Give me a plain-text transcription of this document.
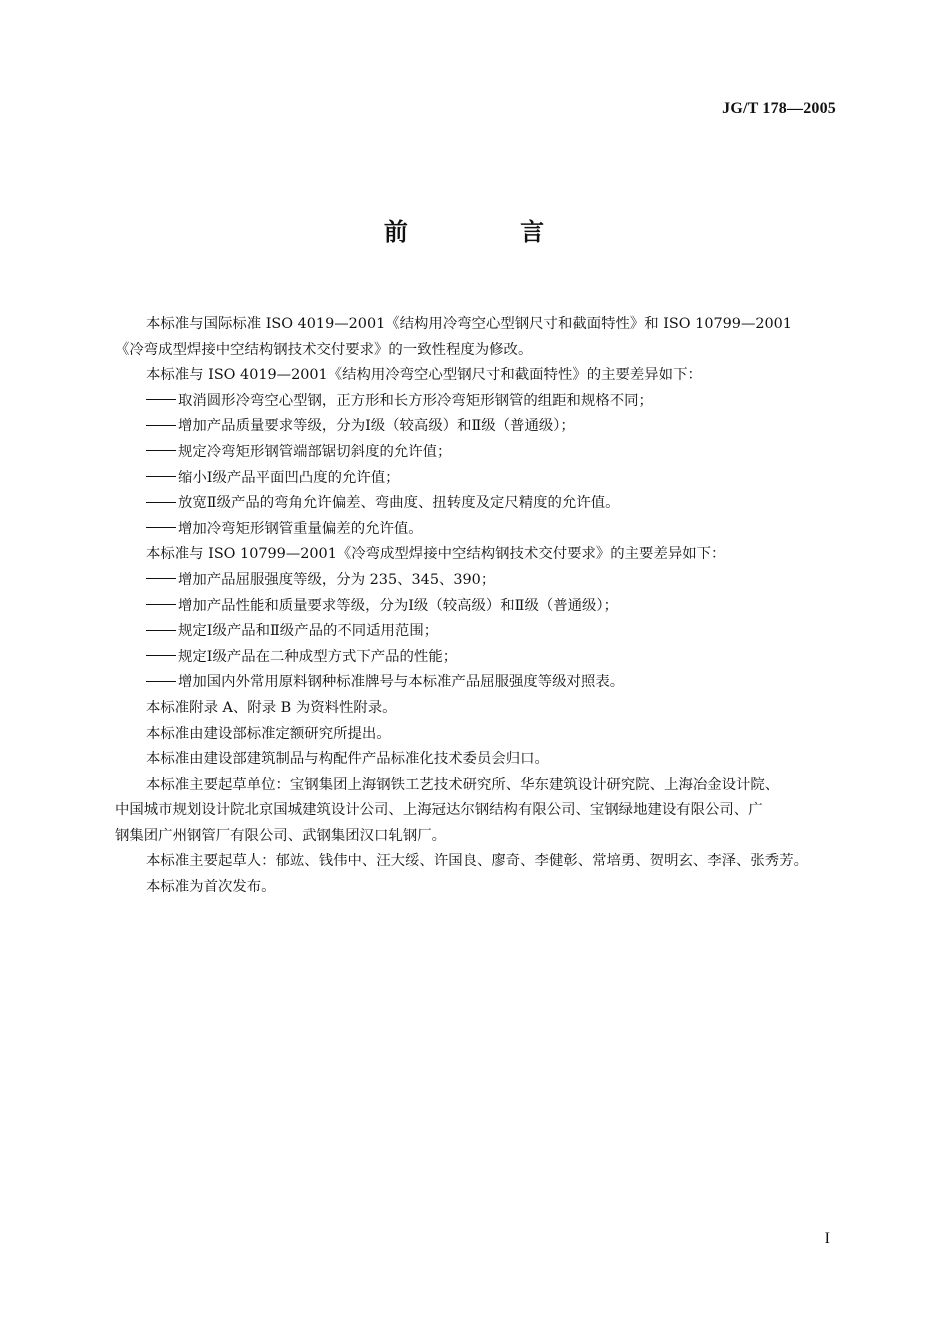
JG/T 178—2005
前 言

本标准与国际标准 ISO 4019—2001《结构用冷弯空心型钢尺寸和截面特性》和 ISO 10799—2001

《冷弯成型焊接中空结构钢技术交付要求》的一致性程度为修改。

本标准与 ISO 4019—2001《结构用冷弯空心型钢尺寸和截面特性》的主要差异如下：

取消圆形冷弯空心型钢，正方形和长方形冷弯矩形钢管的组距和规格不同；
增加产品质量要求等级，分为Ⅰ级（较高级）和Ⅱ级（普通级）；
规定冷弯矩形钢管端部锯切斜度的允许值；
缩小Ⅰ级产品平面凹凸度的允许值；
放宽Ⅱ级产品的弯角允许偏差、弯曲度、扭转度及定尺精度的允许值。
增加冷弯矩形钢管重量偏差的允许值。

本标准与 ISO 10799—2001《冷弯成型焊接中空结构钢技术交付要求》的主要差异如下：

增加产品屈服强度等级，分为 235、345、390；
增加产品性能和质量要求等级，分为Ⅰ级（较高级）和Ⅱ级（普通级）；
规定Ⅰ级产品和Ⅱ级产品的不同适用范围；
规定Ⅰ级产品在二种成型方式下产品的性能；
增加国内外常用原料钢种标准牌号与本标准产品屈服强度等级对照表。

本标准附录 A、附录 B 为资料性附录。

本标准由建设部标准定额研究所提出。

本标准由建设部建筑制品与构配件产品标准化技术委员会归口。

本标准主要起草单位：宝钢集团上海钢铁工艺技术研究所、华东建筑设计研究院、上海冶金设计院、

中国城市规划设计院北京国城建筑设计公司、上海冠达尔钢结构有限公司、宝钢绿地建设有限公司、广

钢集团广州钢管厂有限公司、武钢集团汉口轧钢厂。

本标准主要起草人：郁竑、钱伟中、汪大绥、许国良、廖奇、李健彰、常培勇、贺明玄、李泽、张秀芳。

本标准为首次发布。

I
